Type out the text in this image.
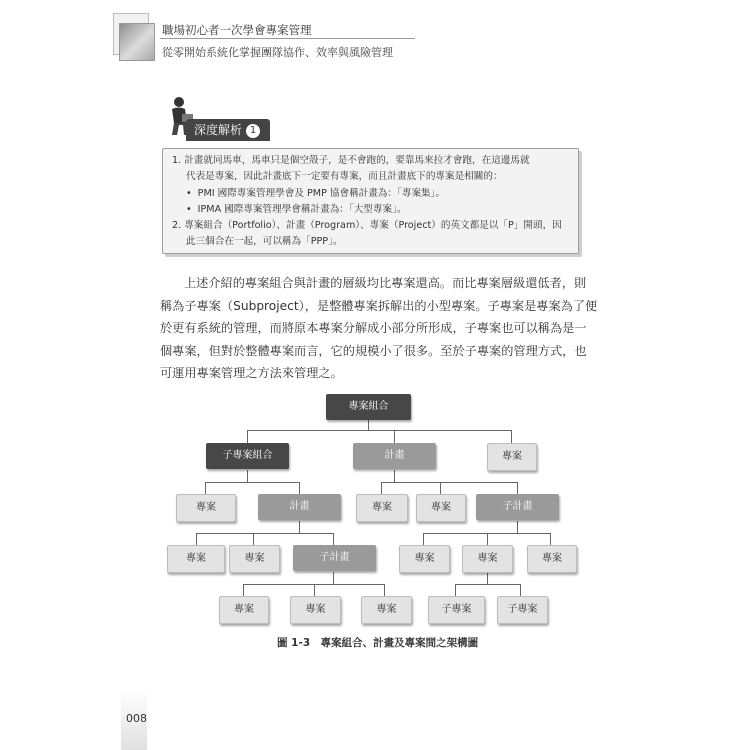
職場初心者一次學會專案管理
從零開始系統化掌握團隊協作、效率與風險管理
深度解析 1
1. 計畫就同馬車，馬車只是個空殼子，是不會跑的，要靠馬來拉才會跑，在這邊馬就
代表是專案，因此計畫底下一定要有專案，而且計畫底下的專案是相關的：
• PMI 國際專案管理學會及 PMP 協會稱計畫為：「專案集」。
• IPMA 國際專案管理學會稱計畫為：「大型專案」。
2. 專案組合（Portfolio）、計畫（Program）、專案（Project）的英文都是以「P」開頭，因
此三個合在一起，可以稱為「PPP」。
上述介紹的專案組合與計畫的層級均比專案還高。而比專案層級還低者，則
稱為子專案（Subproject），是整體專案拆解出的小型專案。子專案是專案為了便
於更有系統的管理，而將原本專案分解成小部分所形成，子專案也可以稱為是一
個專案，但對於整體專案而言，它的規模小了很多。至於子專案的管理方式，也
可運用專案管理之方法來管理之。
專案組合
子專案組合	計畫	專案
專案	計畫	專案	專案	子計畫
專案	專案	子計畫	專案	專案	專案
專案	專案	專案	子專案	子專案
圖 1-3　專案組合、計畫及專案間之架構圖
008
